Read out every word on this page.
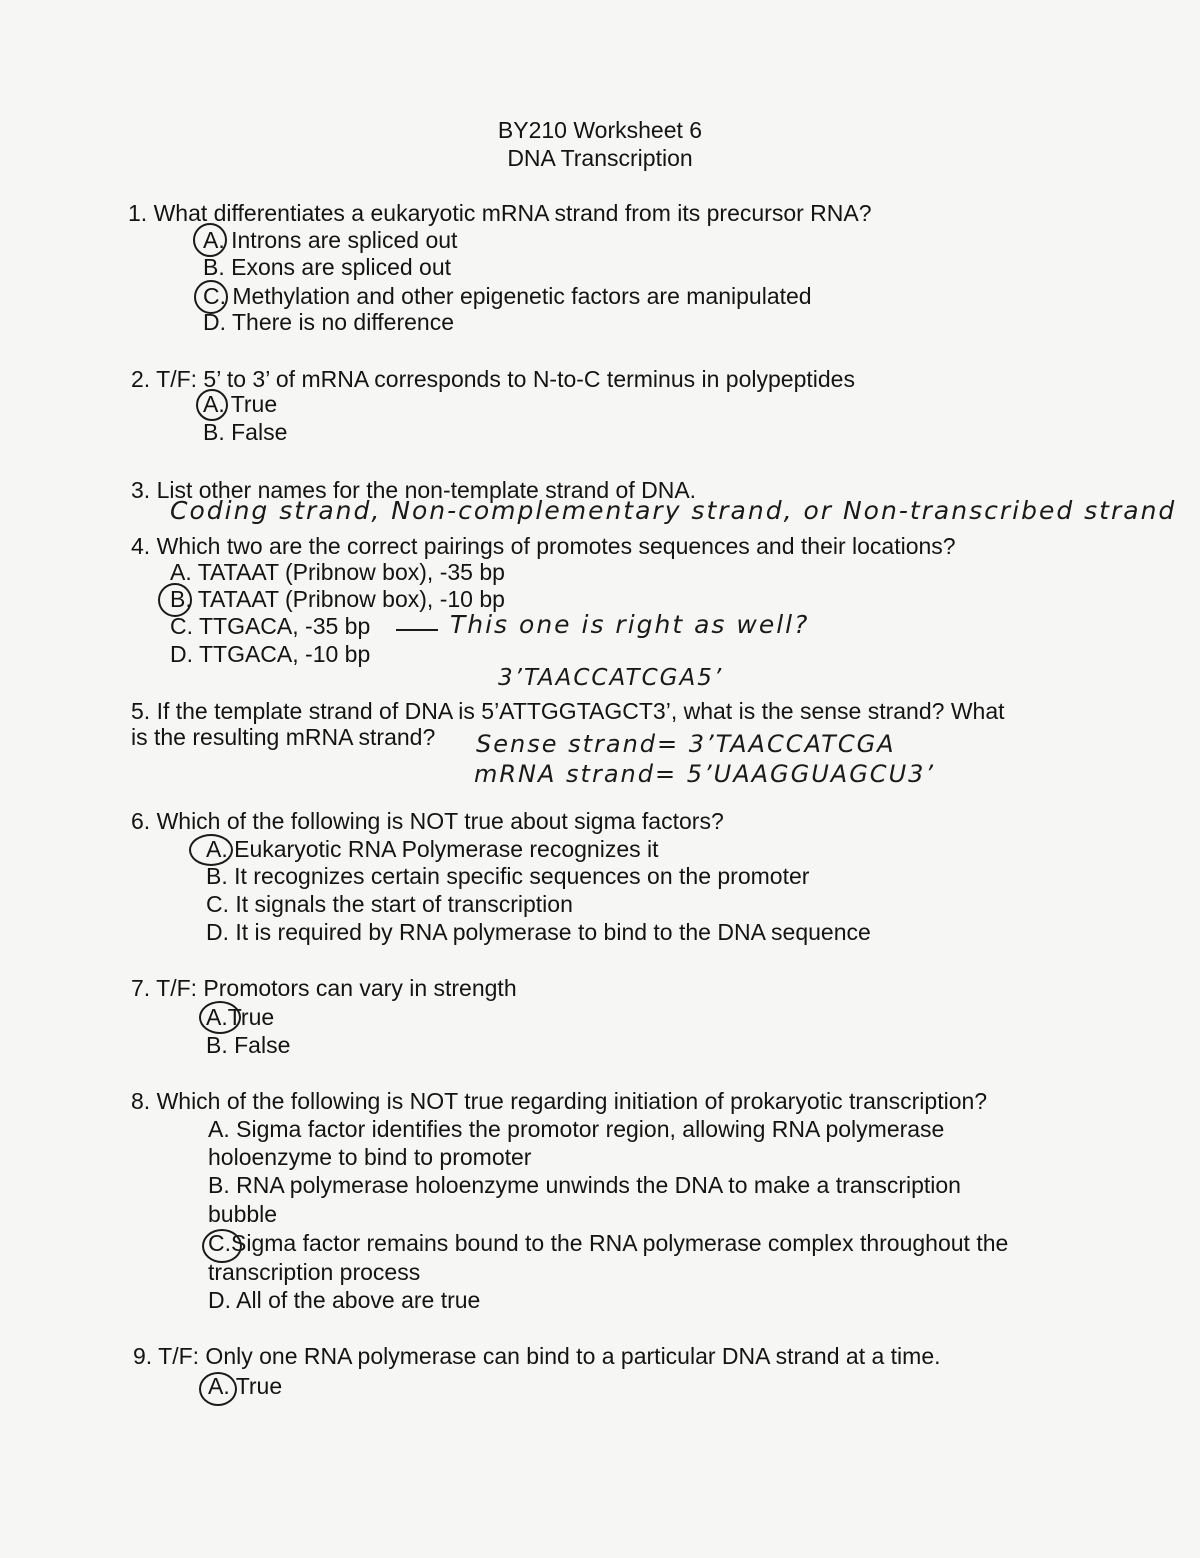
BY210 Worksheet 6

DNA Transcription

1. What differentiates a eukaryotic mRNA strand from its precursor RNA?

A. Introns are spliced out

B. Exons are spliced out

C. Methylation and other epigenetic factors are manipulated

D. There is no difference

2. T/F: 5’ to 3’ of mRNA corresponds to N-to-C terminus in polypeptides

A. True

B. False

3. List other names for the non-template strand of DNA.

Coding strand, Non-complementary strand, or Non-transcribed strand

4. Which two are the correct pairings of promotes sequences and their locations?

A. TATAAT (Pribnow box), -35 bp

B. TATAAT (Pribnow box), -10 bp

C. TTGACA, -35 bp

D. TTGACA, -10 bp

This one is right as well?
3’TAACCATCGA5’

5. If the template strand of DNA is 5’ATTGGTAGCT3’, what is the sense strand? What

is the resulting mRNA strand? Sense strand= 3’TAACCATCGA
mRNA strand= 5’UAAGGUAGCU3’

6. Which of the following is NOT true about sigma factors?

A. Eukaryotic RNA Polymerase recognizes it

B. It recognizes certain specific sequences on the promoter

C. It signals the start of transcription

D. It is required by RNA polymerase to bind to the DNA sequence

7. T/F: Promotors can vary in strength

A.True

B. False

8. Which of the following is NOT true regarding initiation of prokaryotic transcription?

A. Sigma factor identifies the promotor region, allowing RNA polymerase

holoenzyme to bind to promoter

B. RNA polymerase holoenzyme unwinds the DNA to make a transcription

bubble

C.Sigma factor remains bound to the RNA polymerase complex throughout the

transcription process

D. All of the above are true

9. T/F: Only one RNA polymerase can bind to a particular DNA strand at a time.

A. True
